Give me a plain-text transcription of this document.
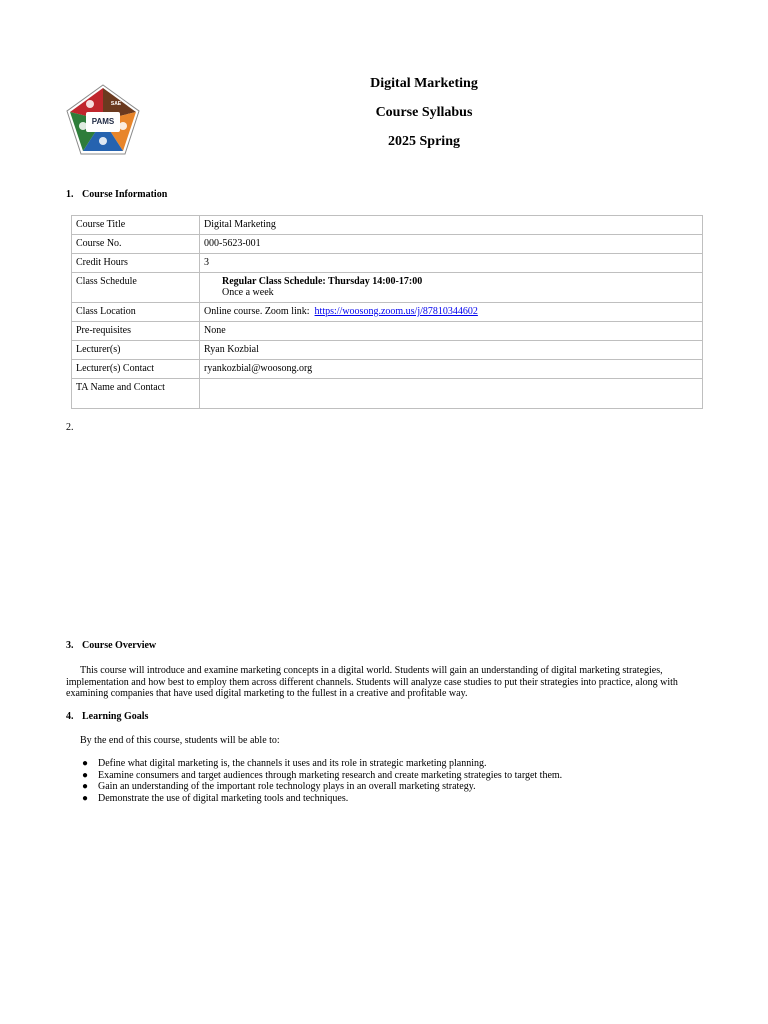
PAMS
SAE
Digital Marketing
Course Syllabus
2025 Spring
1. Course Information
Course Title	Digital Marketing
Course No.	000-5623-001
Credit Hours	3
Class Schedule	Regular Class Schedule: Thursday 14:00-17:00
Once a week

Class Location	Online course. Zoom link: https://woosong.zoom.us/j/87810344602
Pre-requisites	None
Lecturer(s)	Ryan Kozbial
Lecturer(s) Contact	ryankozbial@woosong.org
TA Name and Contact	
2.
3. Course Overview
This course will introduce and examine marketing concepts in a digital world. Students will gain an understanding of digital marketing strategies, implementation and how best to employ them across different channels. Students will analyze case studies to put their strategies into practice, along with examining companies that have used digital marketing to the fullest in a creative and profitable way.
4. Learning Goals
By the end of this course, students will be able to:
● Define what digital marketing is, the channels it uses and its role in strategic marketing planning.
● Examine consumers and target audiences through marketing research and create marketing strategies to target them.
● Gain an understanding of the important role technology plays in an overall marketing strategy.
● Demonstrate the use of digital marketing tools and techniques.
